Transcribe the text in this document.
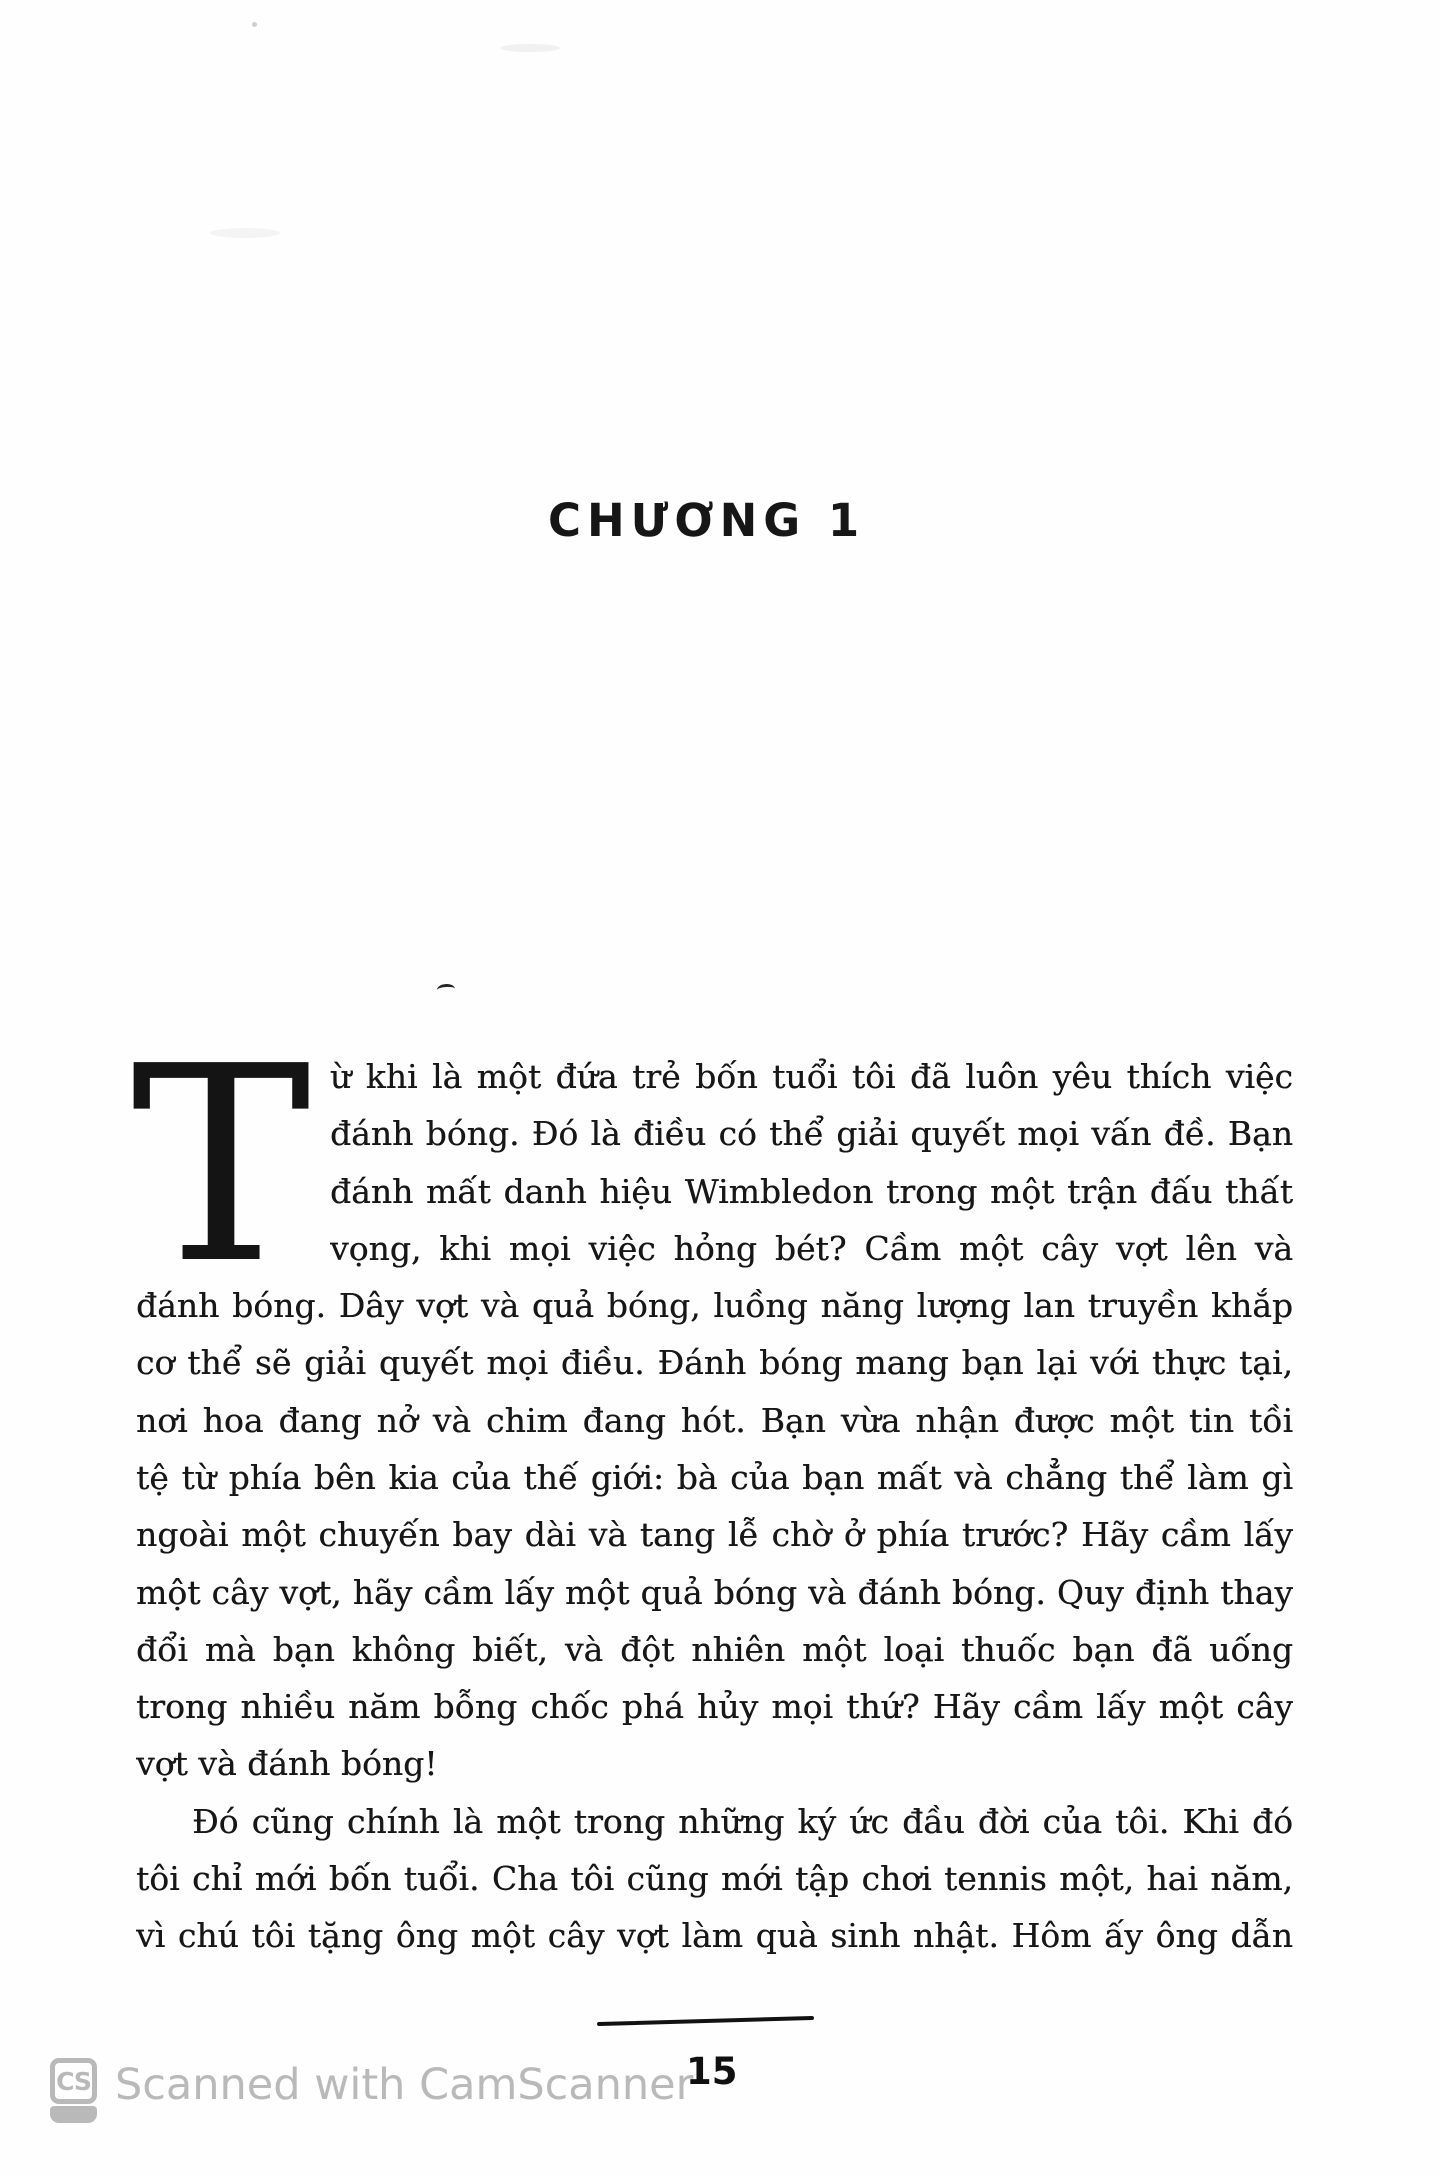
CHƯƠNG 1
T ừ khi là một đứa trẻ bốn tuổi tôi đã luôn yêu thích việc
đánh bóng. Đó là điều có thể giải quyết mọi vấn đề. Bạn
đánh mất danh hiệu Wimbledon trong một trận đấu thất
vọng, khi mọi việc hỏng bét? Cầm một cây vợt lên và
đánh bóng. Dây vợt và quả bóng, luồng năng lượng lan truyền khắp
cơ thể sẽ giải quyết mọi điều. Đánh bóng mang bạn lại với thực tại,
nơi hoa đang nở và chim đang hót. Bạn vừa nhận được một tin tồi
tệ từ phía bên kia của thế giới: bà của bạn mất và chẳng thể làm gì
ngoài một chuyến bay dài và tang lễ chờ ở phía trước? Hãy cầm lấy
một cây vợt, hãy cầm lấy một quả bóng và đánh bóng. Quy định thay
đổi mà bạn không biết, và đột nhiên một loại thuốc bạn đã uống
trong nhiều năm bỗng chốc phá hủy mọi thứ? Hãy cầm lấy một cây
vợt và đánh bóng!
Đó cũng chính là một trong những ký ức đầu đời của tôi. Khi đó
tôi chỉ mới bốn tuổi. Cha tôi cũng mới tập chơi tennis một, hai năm,
vì chú tôi tặng ông một cây vợt làm quà sinh nhật. Hôm ấy ông dẫn
15
CS Scanned with CamScanner
